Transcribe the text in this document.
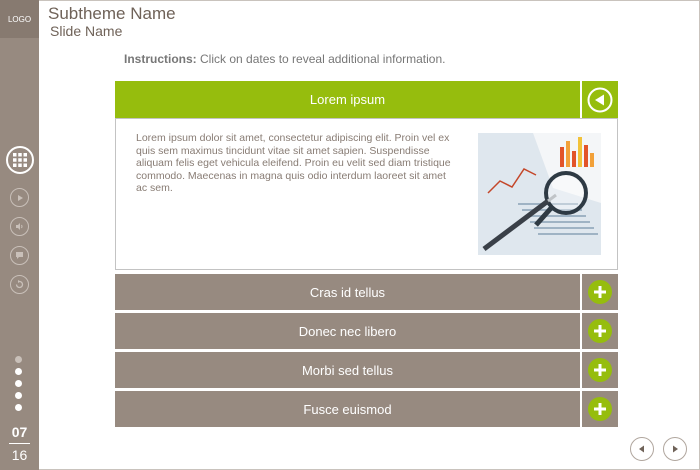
LOGO
07
16
Subtheme Name
Slide Name
Instructions: Click on dates to reveal additional information.
Lorem ipsum
Lorem ipsum dolor sit amet, consectetur adipiscing elit. Proin vel ex quis sem maximus tincidunt vitae sit amet sapien. Suspendisse aliquam felis eget vehicula eleifend. Proin eu velit sed diam tristique commodo. Maecenas in magna quis odio interdum laoreet sit amet ac sem.
Cras id tellus
Donec nec libero
Morbi sed tellus
Fusce euismod
